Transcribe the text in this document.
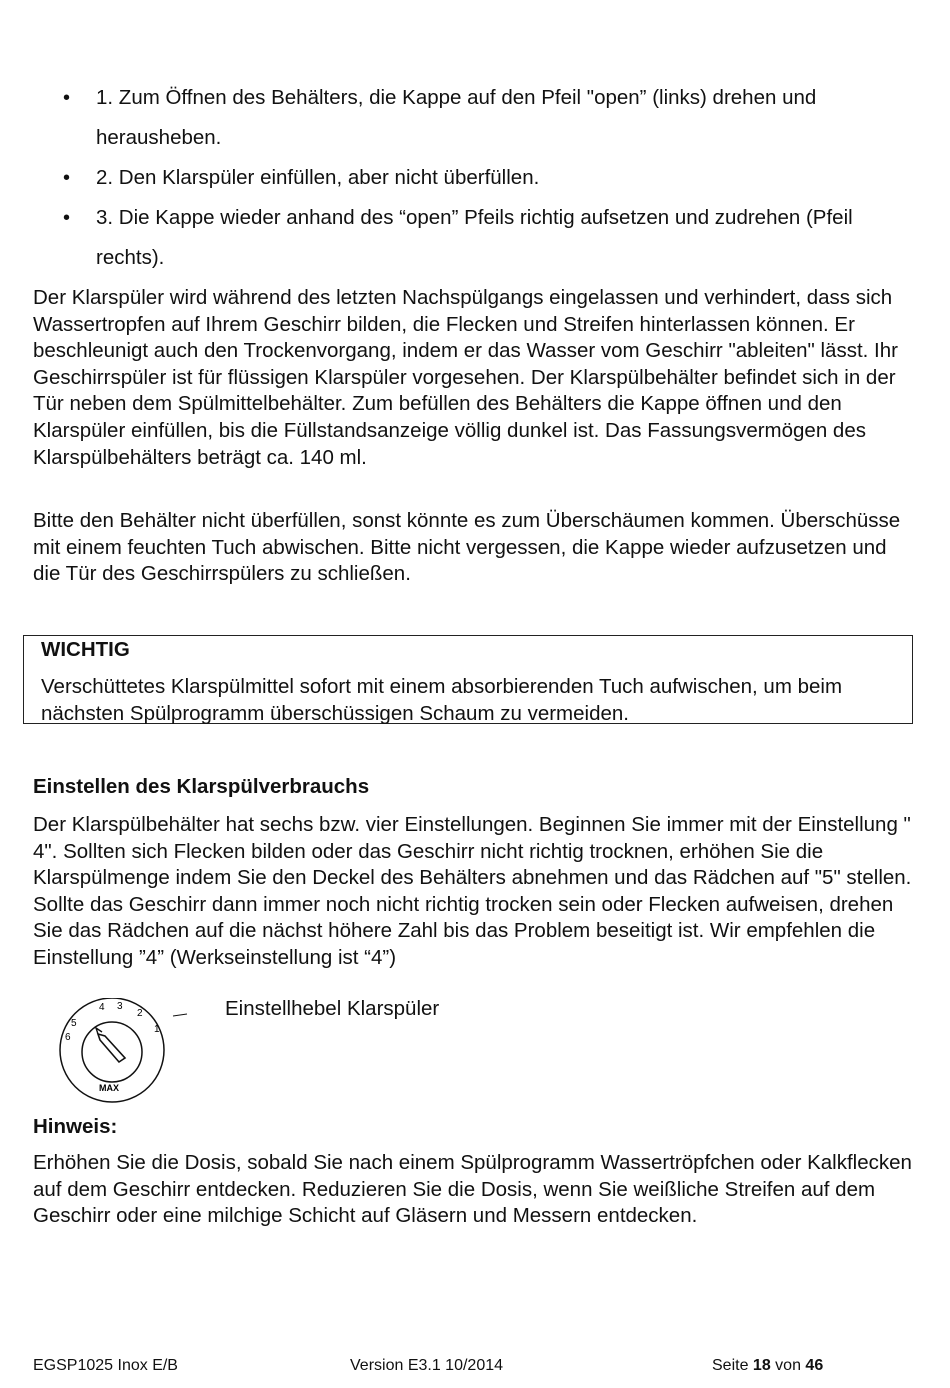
• 1. Zum Öffnen des Behälters, die Kappe auf den Pfeil "open” (links) drehen und herausheben.
• 2. Den Klarspüler einfüllen, aber nicht überfüllen.
• 3. Die Kappe wieder anhand des “open” Pfeils richtig aufsetzen und zudrehen (Pfeil rechts).

Der Klarspüler wird während des letzten Nachspülgangs eingelassen und verhindert, dass sich Wassertropfen auf Ihrem Geschirr bilden, die Flecken und Streifen hinterlassen können. Er beschleunigt auch den Trockenvorgang, indem er das Wasser vom Geschirr "ableiten" lässt. Ihr Geschirrspüler ist für flüssigen Klarspüler vorgesehen. Der Klarspülbehälter befindet sich in der Tür neben dem Spülmittelbehälter. Zum befüllen des Behälters die Kappe öffnen und den Klarspüler einfüllen, bis die Füllstandsanzeige völlig dunkel ist. Das Fassungsvermögen des Klarspülbehälters beträgt ca. 140 ml.

Bitte den Behälter nicht überfüllen, sonst könnte es zum Überschäumen kommen. Überschüsse mit einem feuchten Tuch abwischen. Bitte nicht vergessen, die Kappe wieder aufzusetzen und die Tür des Geschirrspülers zu schließen.

WICHTIG
Verschüttetes Klarspülmittel sofort mit einem absorbierenden Tuch aufwischen, um beim nächsten Spülprogramm überschüssigen Schaum zu vermeiden.
Einstellen des Klarspülverbrauchs

Der Klarspülbehälter hat sechs bzw. vier Einstellungen. Beginnen Sie immer mit der Einstellung " 4". Sollten sich Flecken bilden oder das Geschirr nicht richtig trocknen, erhöhen Sie die Klarspülmenge indem Sie den Deckel des Behälters abnehmen und das Rädchen auf "5" stellen. Sollte das Geschirr dann immer noch nicht richtig trocken sein oder Flecken aufweisen, drehen Sie das Rädchen auf die nächst höhere Zahl bis das Problem beseitigt ist. Wir empfehlen die Einstellung ”4” (Werkseinstellung ist “4”)

6
5
4 3
2
1
MAX
Einstellhebel Klarspüler
Hinweis:

Erhöhen Sie die Dosis, sobald Sie nach einem Spülprogramm Wassertröpfchen oder Kalkflecken auf dem Geschirr entdecken. Reduzieren Sie die Dosis, wenn Sie weißliche Streifen auf dem Geschirr oder eine milchige Schicht auf Gläsern und Messern entdecken.

EGSP1025 Inox E/B	Version E3.1 10/2014	Seite 18 von 46
